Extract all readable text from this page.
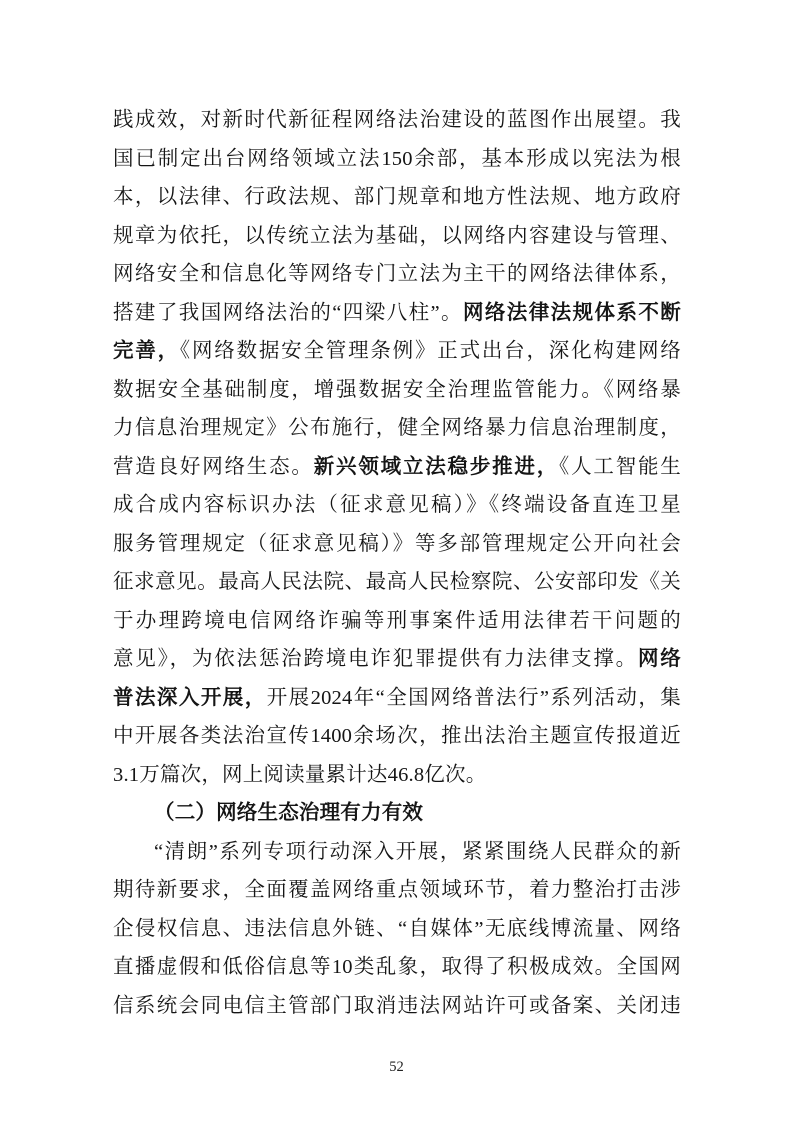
践成效，对新时代新征程网络法治建设的蓝图作出展望。我
国已制定出台网络领域立法150余部，基本形成以宪法为根
本，以法律、行政法规、部门规章和地方性法规、地方政府
规章为依托，以传统立法为基础，以网络内容建设与管理、
网络安全和信息化等网络专门立法为主干的网络法律体系，
搭建了我国网络法治的“四梁八柱”。网络法律法规体系不断
完善，《网络数据安全管理条例》正式出台，深化构建网络
数据安全基础制度，增强数据安全治理监管能力。《网络暴
力信息治理规定》公布施行，健全网络暴力信息治理制度，
营造良好网络生态。新兴领域立法稳步推进，《人工智能生
成合成内容标识办法（征求意见稿）》《终端设备直连卫星
服务管理规定（征求意见稿）》等多部管理规定公开向社会
征求意见。最高人民法院、最高人民检察院、公安部印发《关
于办理跨境电信网络诈骗等刑事案件适用法律若干问题的
意见》，为依法惩治跨境电诈犯罪提供有力法律支撑。网络
普法深入开展，开展2024年“全国网络普法行”系列活动，集
中开展各类法治宣传1400余场次，推出法治主题宣传报道近
3.1万篇次，网上阅读量累计达46.8亿次。
（二）网络生态治理有力有效
“清朗”系列专项行动深入开展，紧紧围绕人民群众的新
期待新要求，全面覆盖网络重点领域环节，着力整治打击涉
企侵权信息、违法信息外链、“自媒体”无底线博流量、网络
直播虚假和低俗信息等10类乱象，取得了积极成效。全国网
信系统会同电信主管部门取消违法网站许可或备案、关闭违
52
